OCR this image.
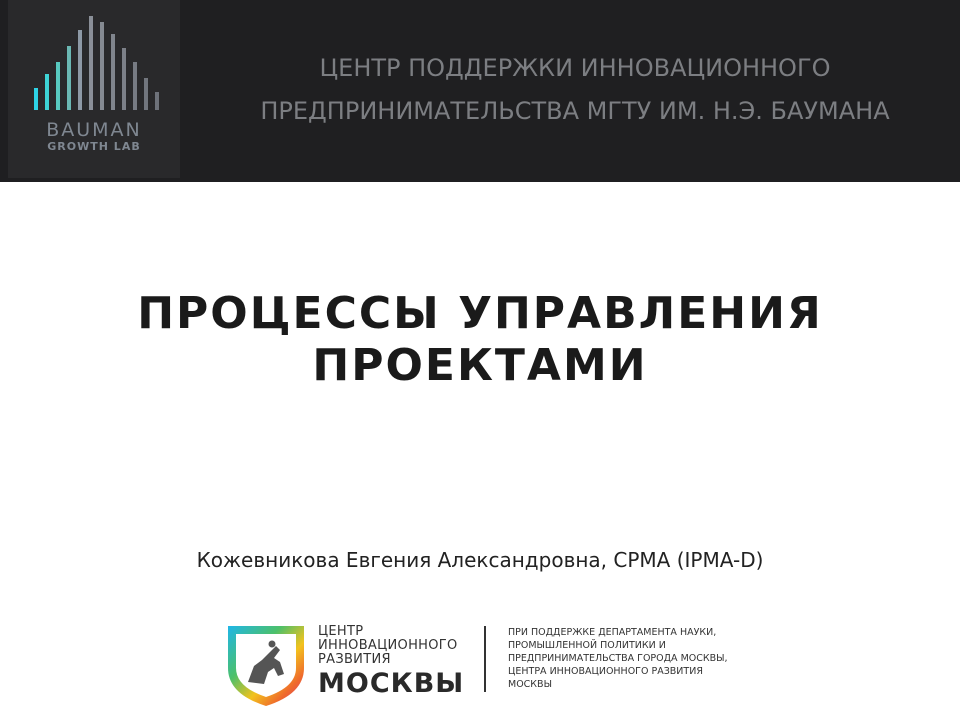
BAUMAN
GROWTH LAB
ЦЕНТР ПОДДЕРЖКИ ИННОВАЦИОННОГО
ПРЕДПРИНИМАТЕЛЬСТВА МГТУ ИМ. Н.Э. БАУМАНА
ПРОЦЕССЫ УПРАВЛЕНИЯ
ПРОЕКТАМИ
Кожевникова Евгения Александровна, CPMA (IPMA-D)
ЦЕНТР
ИННОВАЦИОННОГО
РАЗВИТИЯ
МОСКВЫ
ПРИ ПОДДЕРЖКЕ ДЕПАРТАМЕНТА НАУКИ,
ПРОМЫШЛЕННОЙ ПОЛИТИКИ И
ПРЕДПРИНИМАТЕЛЬСТВА ГОРОДА МОСКВЫ,
ЦЕНТРА ИННОВАЦИОННОГО РАЗВИТИЯ
МОСКВЫ
